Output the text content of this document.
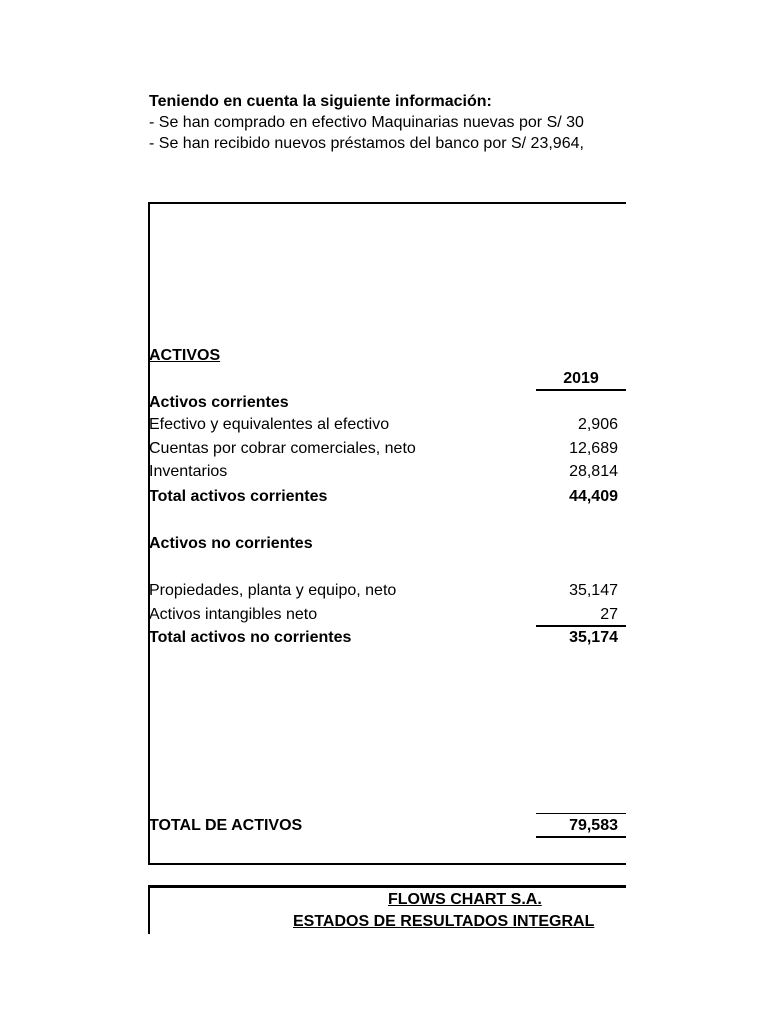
Teniendo en cuenta la siguiente información:
- Se han comprado en efectivo Maquinarias nuevas por S/ 30
- Se han recibido nuevos préstamos del banco por S/ 23,964,
ACTIVOS
2019
Activos corrientes
Efectivo y equivalentes al efectivo	2,906
Cuentas por cobrar comerciales, neto	12,689
Inventarios	28,814
Total activos corrientes	44,409
Activos no corrientes
Propiedades, planta y equipo, neto	35,147
Activos intangibles neto	27
Total activos no corrientes	35,174
TOTAL DE ACTIVOS	79,583
FLOWS CHART S.A.
ESTADOS DE RESULTADOS INTEGRAL
